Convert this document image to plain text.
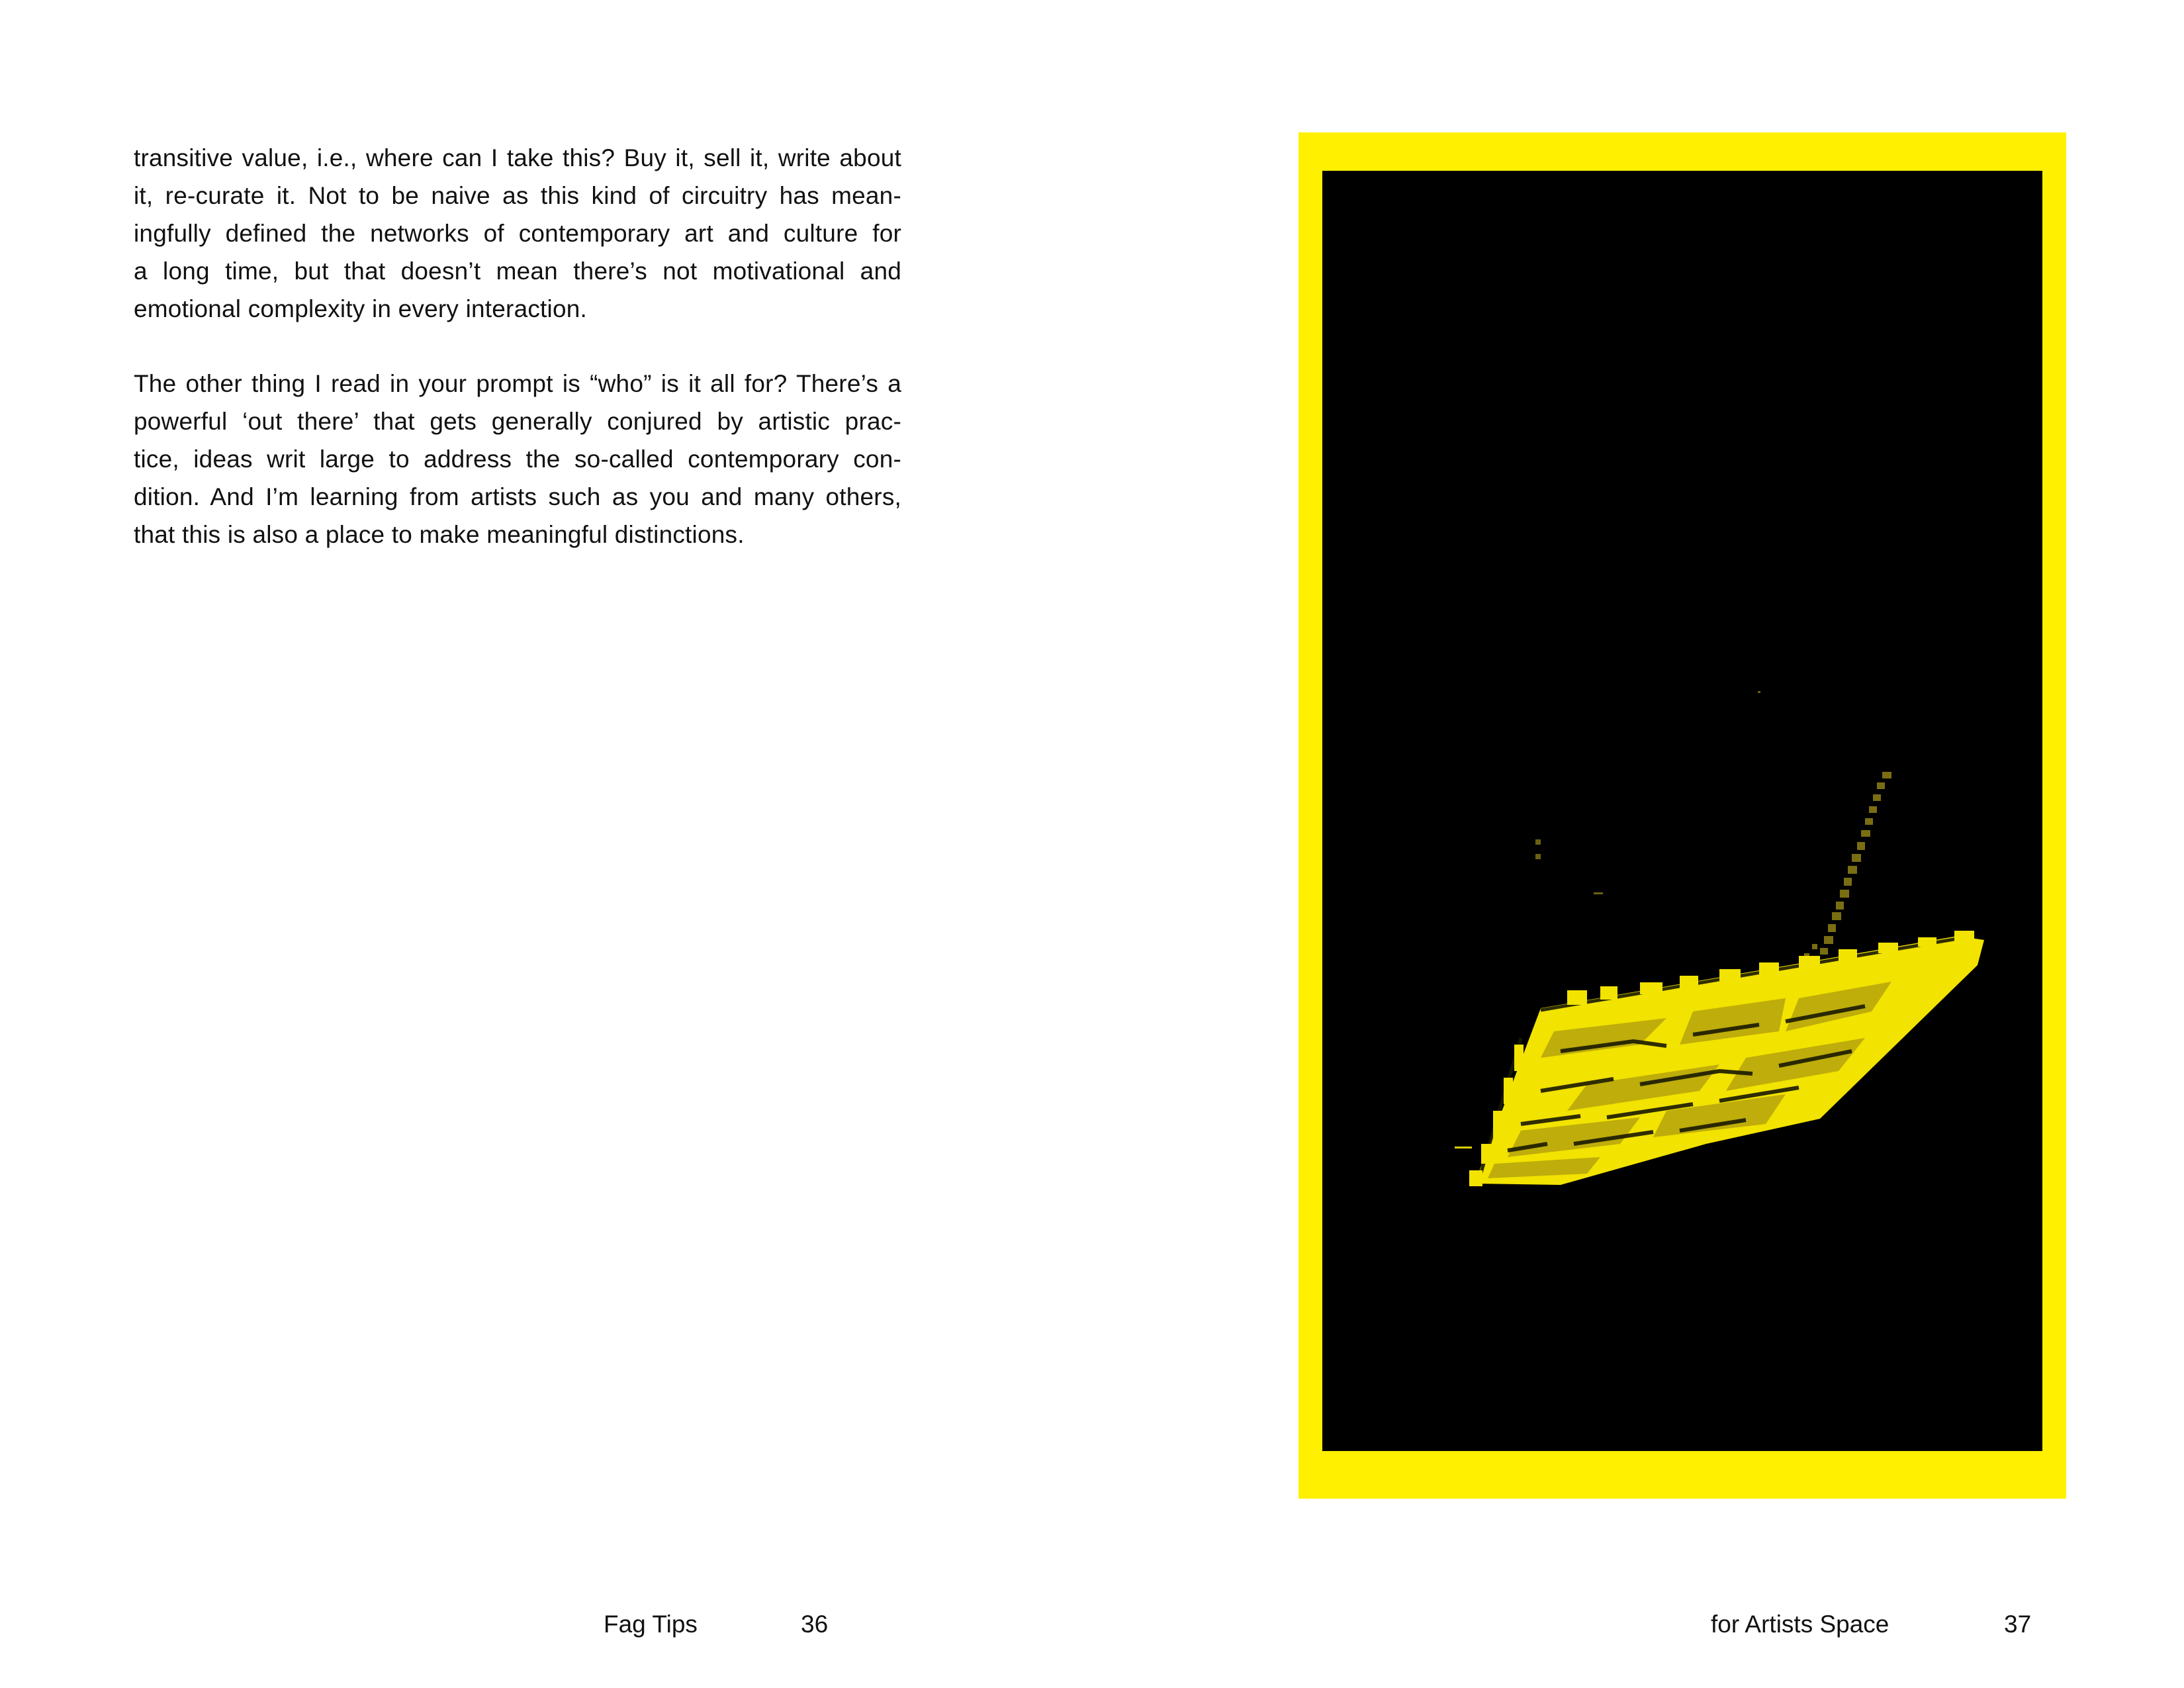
transitive value, i.e., where can I take this? Buy it, sell it, write about
it, re-curate it. Not to be naive as this kind of circuitry has mean-
ingfully defined the networks of contemporary art and culture for
a long time, but that doesn’t mean there’s not motivational and
emotional complexity in every interaction.

The other thing I read in your prompt is “who” is it all for? There’s a
powerful ‘out there’ that gets generally conjured by artistic prac-
tice, ideas writ large to address the so-called contemporary con-
dition. And I’m learning from artists such as you and many others,
that this is also a place to make meaningful distinctions.

Fag Tips	36	for Artists Space	37
